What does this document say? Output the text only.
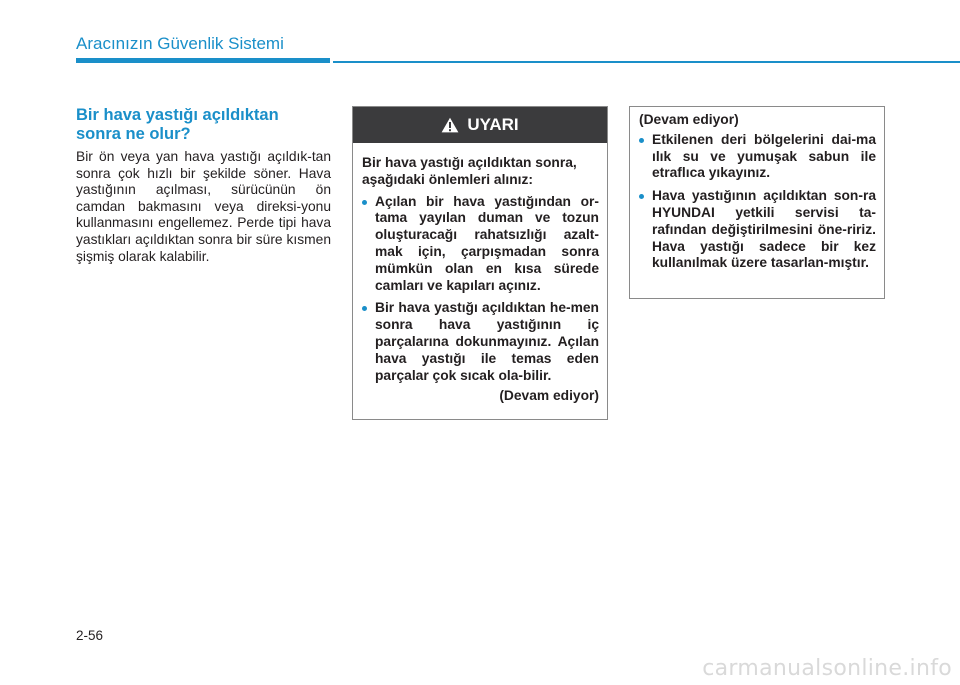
Aracınızın Güvenlik Sistemi
Bir hava yastığı açıldıktan
sonra ne olur?
Bir ön veya yan hava yastığı açıldık-tan sonra çok hızlı bir şekilde söner. Hava yastığının açılması, sürücünün ön camdan bakmasını veya direksi-yonu kullanmasını engellemez. Perde tipi hava yastıkları açıldıktan sonra bir süre kısmen şişmiş olarak kalabilir.
UYARI
Bir hava yastığı açıldıktan sonra, aşağıdaki önlemleri alınız:
Açılan bir hava yastığından or-tama yayılan duman ve tozun oluşturacağı rahatsızlığı azalt-mak için, çarpışmadan sonra mümkün olan en kısa sürede camları ve kapıları açınız.
Bir hava yastığı açıldıktan he-men sonra hava yastığının iç parçalarına dokunmayınız. Açılan hava yastığı ile temas eden parçalar çok sıcak ola-bilir.
(Devam ediyor)
(Devam ediyor)
Etkilenen deri bölgelerini dai-ma ılık su ve yumuşak sabun ile etraflıca yıkayınız.
Hava yastığının açıldıktan son-ra HYUNDAI yetkili servisi ta-rafından değiştirilmesini öne-ririz. Hava yastığı sadece bir kez kullanılmak üzere tasarlan-mıştır.
2-56
carmanualsonline.info
